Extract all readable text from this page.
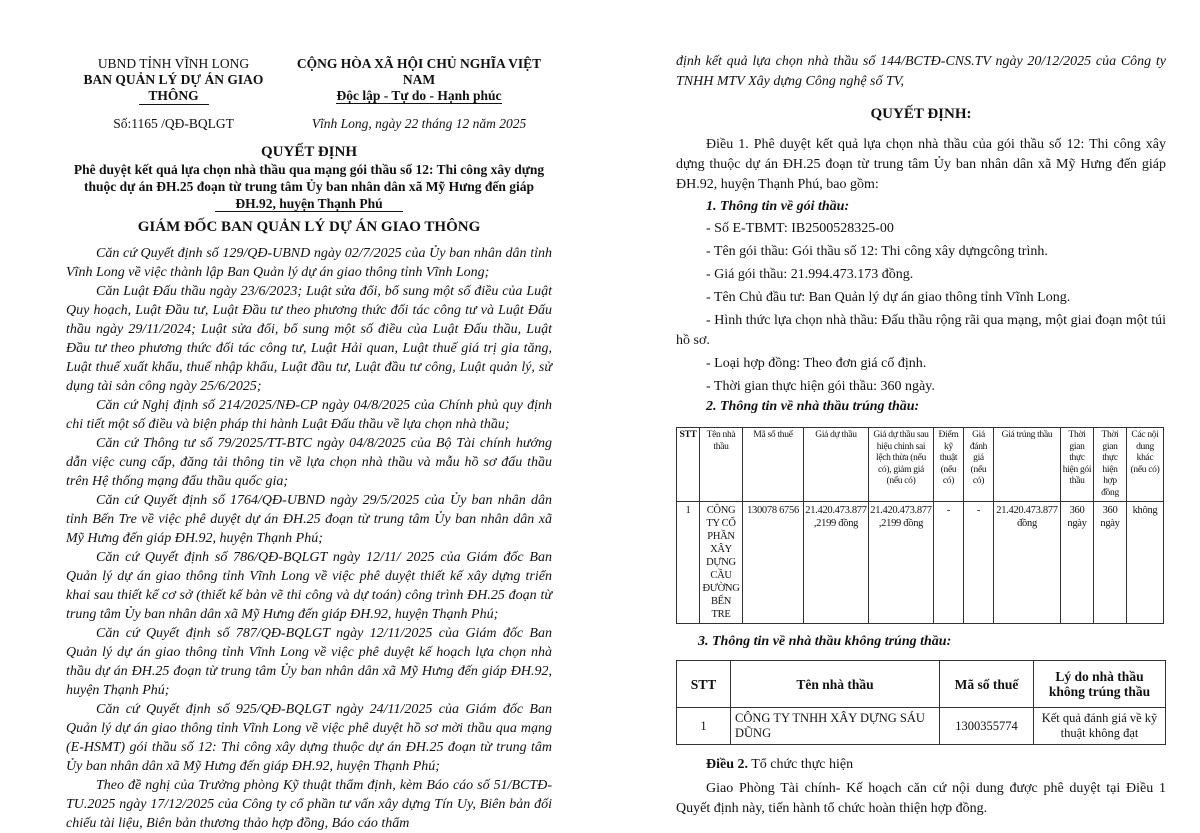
UBND TỈNH VĨNH LONG
BAN QUẢN LÝ DỰ ÁN GIAO THÔNG
CỘNG HÒA XÃ HỘI CHỦ NGHĨA VIỆT NAM
Độc lập - Tự do - Hạnh phúc
Số:1165 /QĐ-BQLGT	Vĩnh Long, ngày 22 tháng 12 năm 2025
QUYẾT ĐỊNH
Phê duyệt kết quả lựa chọn nhà thầu qua mạng gói thầu số 12: Thi công xây dựng thuộc dự án ĐH.25 đoạn từ trung tâm Ủy ban nhân dân xã Mỹ Hưng đến giáp
ĐH.92, huyện Thạnh Phú
GIÁM ĐỐC BAN QUẢN LÝ DỰ ÁN GIAO THÔNG

Căn cứ Quyết định số 129/QĐ-UBND ngày 02/7/2025 của Ủy ban nhân dân tỉnh Vĩnh Long về việc thành lập Ban Quản lý dự án giao thông tỉnh Vĩnh Long;

Căn Luật Đấu thầu ngày 23/6/2023; Luật sửa đổi, bổ sung một số điều của Luật Quy hoạch, Luật Đầu tư, Luật Đầu tư theo phương thức đối tác công tư và Luật Đấu thầu ngày 29/11/2024; Luật sửa đổi, bổ sung một số điều của Luật Đấu thầu, Luật Đầu tư theo phương thức đối tác công tư, Luật Hải quan, Luật thuế giá trị gia tăng, Luật thuế xuất khẩu, thuế nhập khẩu, Luật đầu tư, Luật đầu tư công, Luật quản lý, sử dụng tài sản công ngày 25/6/2025;

Căn cứ Nghị định số 214/2025/NĐ-CP ngày 04/8/2025 của Chính phủ quy định chi tiết một số điều và biện pháp thi hành Luật Đấu thầu về lựa chọn nhà thầu;

Căn cứ Thông tư số 79/2025/TT-BTC ngày 04/8/2025 của Bộ Tài chính hướng dẫn việc cung cấp, đăng tải thông tin về lựa chọn nhà thầu và mẫu hồ sơ đấu thầu trên Hệ thống mạng đấu thầu quốc gia;

Căn cứ Quyết định số 1764/QĐ-UBND ngày 29/5/2025 của Ủy ban nhân dân tỉnh Bến Tre về việc phê duyệt dự án ĐH.25 đoạn từ trung tâm Ủy ban nhân dân xã Mỹ Hưng đến giáp ĐH.92, huyện Thạnh Phú;

Căn cứ Quyết định số 786/QĐ-BQLGT ngày 12/11/ 2025 của Giám đốc Ban Quản lý dự án giao thông tỉnh Vĩnh Long về việc phê duyệt thiết kế xây dựng triển khai sau thiết kế cơ sở (thiết kế bản vẽ thi công và dự toán) công trình ĐH.25 đoạn từ trung tâm Ủy ban nhân dân xã Mỹ Hưng đến giáp ĐH.92, huyện Thạnh Phú;

Căn cứ Quyết định số 787/QĐ-BQLGT ngày 12/11/2025 của Giám đốc Ban Quản lý dự án giao thông tỉnh Vĩnh Long về việc phê duyệt kế hoạch lựa chọn nhà thầu dự án ĐH.25 đoạn từ trung tâm Ủy ban nhân dân xã Mỹ Hưng đến giáp ĐH.92, huyện Thạnh Phú;

Căn cứ Quyết định số 925/QĐ-BQLGT ngày 24/11/2025 của Giám đốc Ban Quản lý dự án giao thông tỉnh Vĩnh Long về việc phê duyệt hồ sơ mời thầu qua mạng (E-HSMT) gói thầu số 12: Thi công xây dựng thuộc dự án ĐH.25 đoạn từ trung tâm Ủy ban nhân dân xã Mỹ Hưng đến giáp ĐH.92, huyện Thạnh Phú;

Theo đề nghị của Trưởng phòng Kỹ thuật thẩm định, kèm Báo cáo số 51/BCTĐ-TU.2025 ngày 17/12/2025 của Công ty cổ phần tư vấn xây dựng Tín Uy, Biên bản đối chiếu tài liệu, Biên bản thương thảo hợp đồng, Báo cáo thẩm

định kết quả lựa chọn nhà thầu số 144/BCTĐ-CNS.TV ngày 20/12/2025 của Công ty TNHH MTV Xây dựng Công nghệ số TV,

QUYẾT ĐỊNH:

Điều 1. Phê duyệt kết quả lựa chọn nhà thầu của gói thầu số 12: Thi công xây dựng thuộc dự án ĐH.25 đoạn từ trung tâm Ủy ban nhân dân xã Mỹ Hưng đến giáp ĐH.92, huyện Thạnh Phú, bao gồm:

1. Thông tin về gói thầu:

- Số E-TBMT: IB2500528325-00

- Tên gói thầu: Gói thầu số 12: Thi công xây dựngcông trình.

- Giá gói thầu: 21.994.473.173 đồng.

- Tên Chủ đầu tư: Ban Quản lý dự án giao thông tỉnh Vĩnh Long.

- Hình thức lựa chọn nhà thầu: Đấu thầu rộng rãi qua mạng, một giai đoạn một túi hồ sơ.

- Loại hợp đồng: Theo đơn giá cố định.

- Thời gian thực hiện gói thầu: 360 ngày.

2. Thông tin về nhà thầu trúng thầu:

STT	Tên nhà thầu	Mã số thuế	Giá dự thầu	Giá dự thầu sau hiệu chỉnh sai lệch thừa (nếu có), giảm giá (nếu có)	Điểm kỹ thuật (nếu có)	Giá đánh giá (nếu có)	Giá trúng thầu	Thời gian thực hiện gói thầu	Thời gian thực hiện hợp đồng	Các nội dung khác (nếu có)
1	CÔNG TY CỔ PHẦN XÂY DỰNG CẦU ĐƯỜNG BẾN TRE	130078 6756	21.420.473.877 ,2199 đồng	21.420.473.877 ,2199 đồng	-	-	21.420.473.877 đồng	360 ngày	360 ngày	không

3. Thông tin về nhà thầu không trúng thầu:

STT	Tên nhà thầu	Mã số thuế	Lý do nhà thầu không trúng thầu
1	CÔNG TY TNHH XÂY DỰNG SÁU DŨNG	1300355774	Kết quả đánh giá về kỹ thuật không đạt

Điều 2. Tổ chức thực hiện

Giao Phòng Tài chính- Kế hoạch căn cứ nội dung được phê duyệt tại Điều 1 Quyết định này, tiến hành tổ chức hoàn thiện hợp đồng.
